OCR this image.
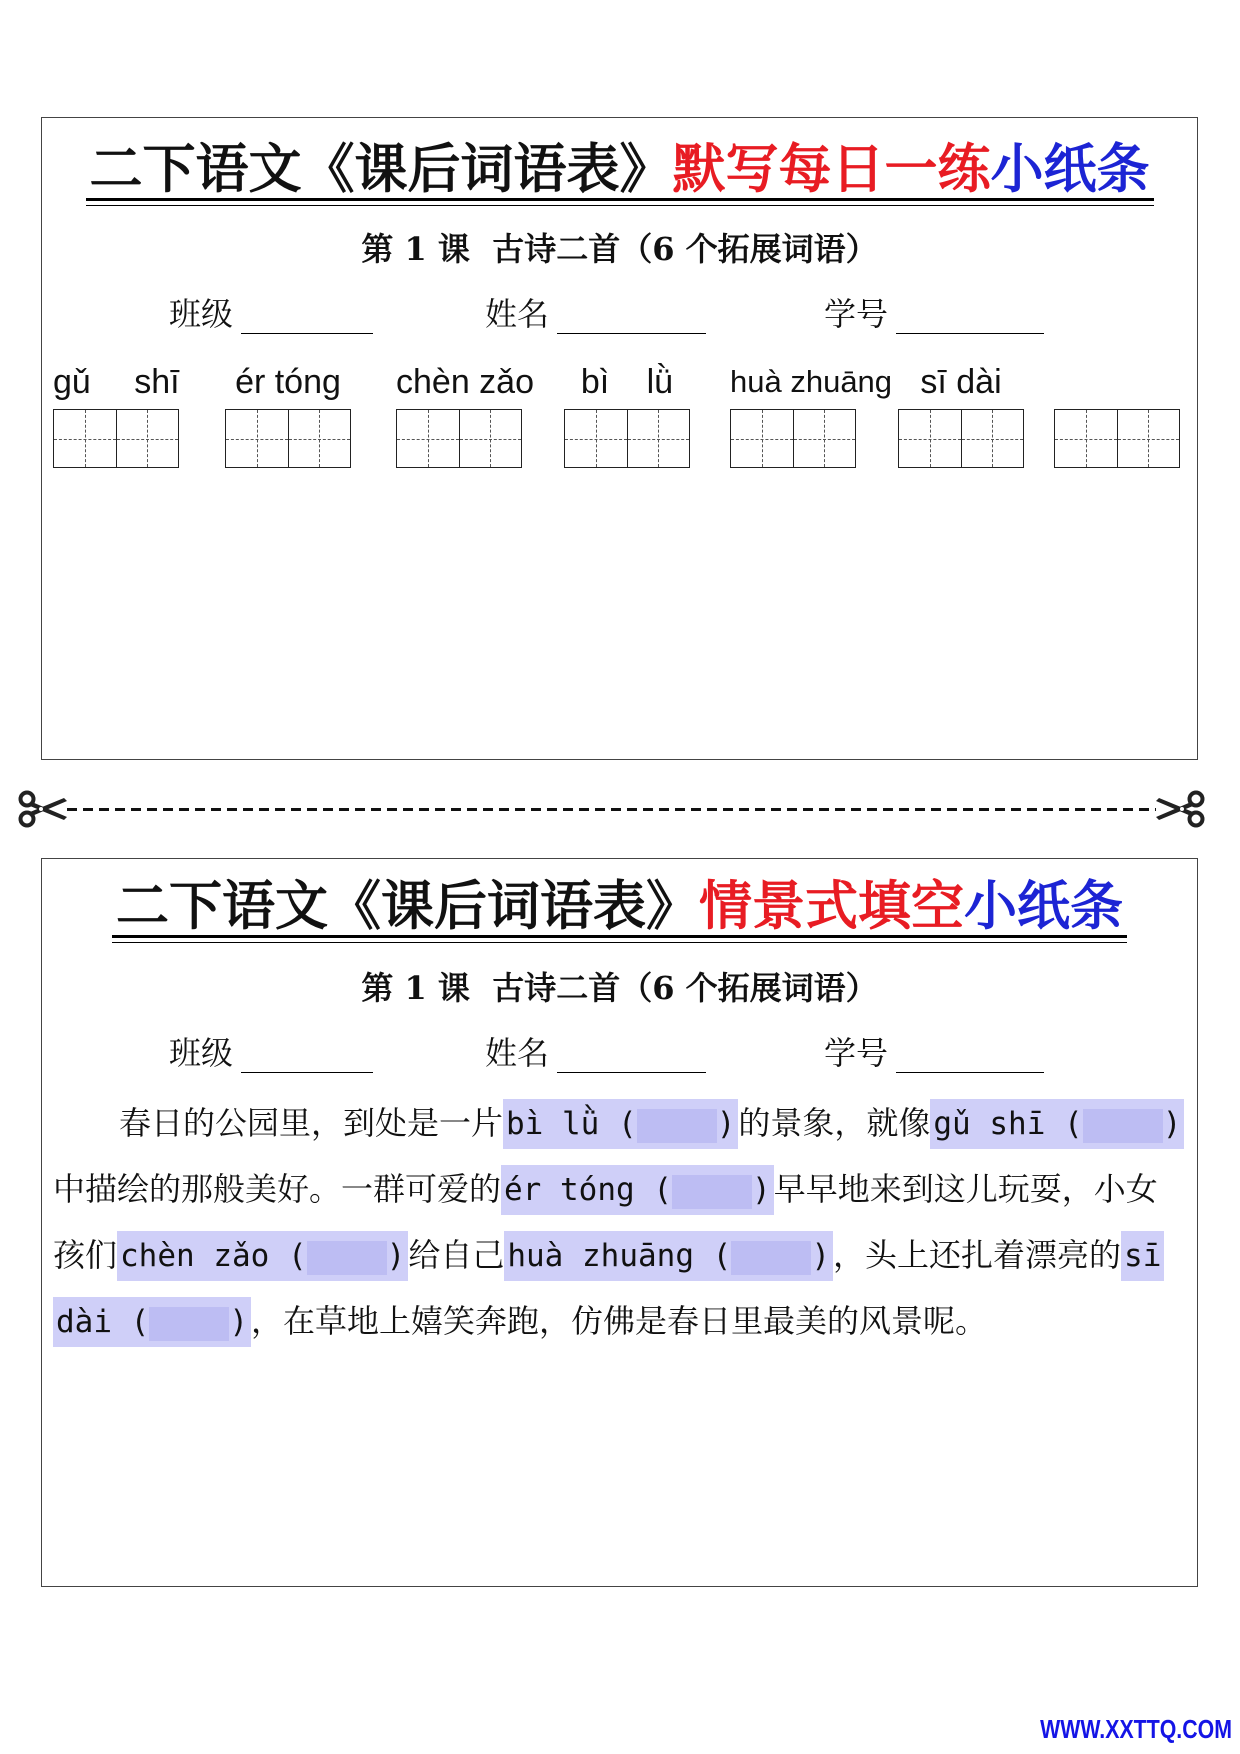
二下语文《课后词语表》默写每日一练小纸条
第 1 课  古诗二首（6 个拓展词语）
班级	姓名	学号
gǔ shī ér tóng chèn zǎo	bì lǜ	huà zhuāng sī dài
二下语文《课后词语表》情景式填空小纸条
第 1 课  古诗二首（6 个拓展词语）
班级	姓名	学号

春日的公园里，到处是一片bì lǜ (	)的景象，就像gǔ shī (	)中描绘的那般美好。一群可爱的ér tóng (	)早早地来到这儿玩耍，小女孩们chèn zǎo (	)给自己huà zhuāng (	)，头上还扎着漂亮的sī dài (	)，在草地上嬉笑奔跑，仿佛是春日里最美的风景呢。

WWW.XXTTQ.COM
